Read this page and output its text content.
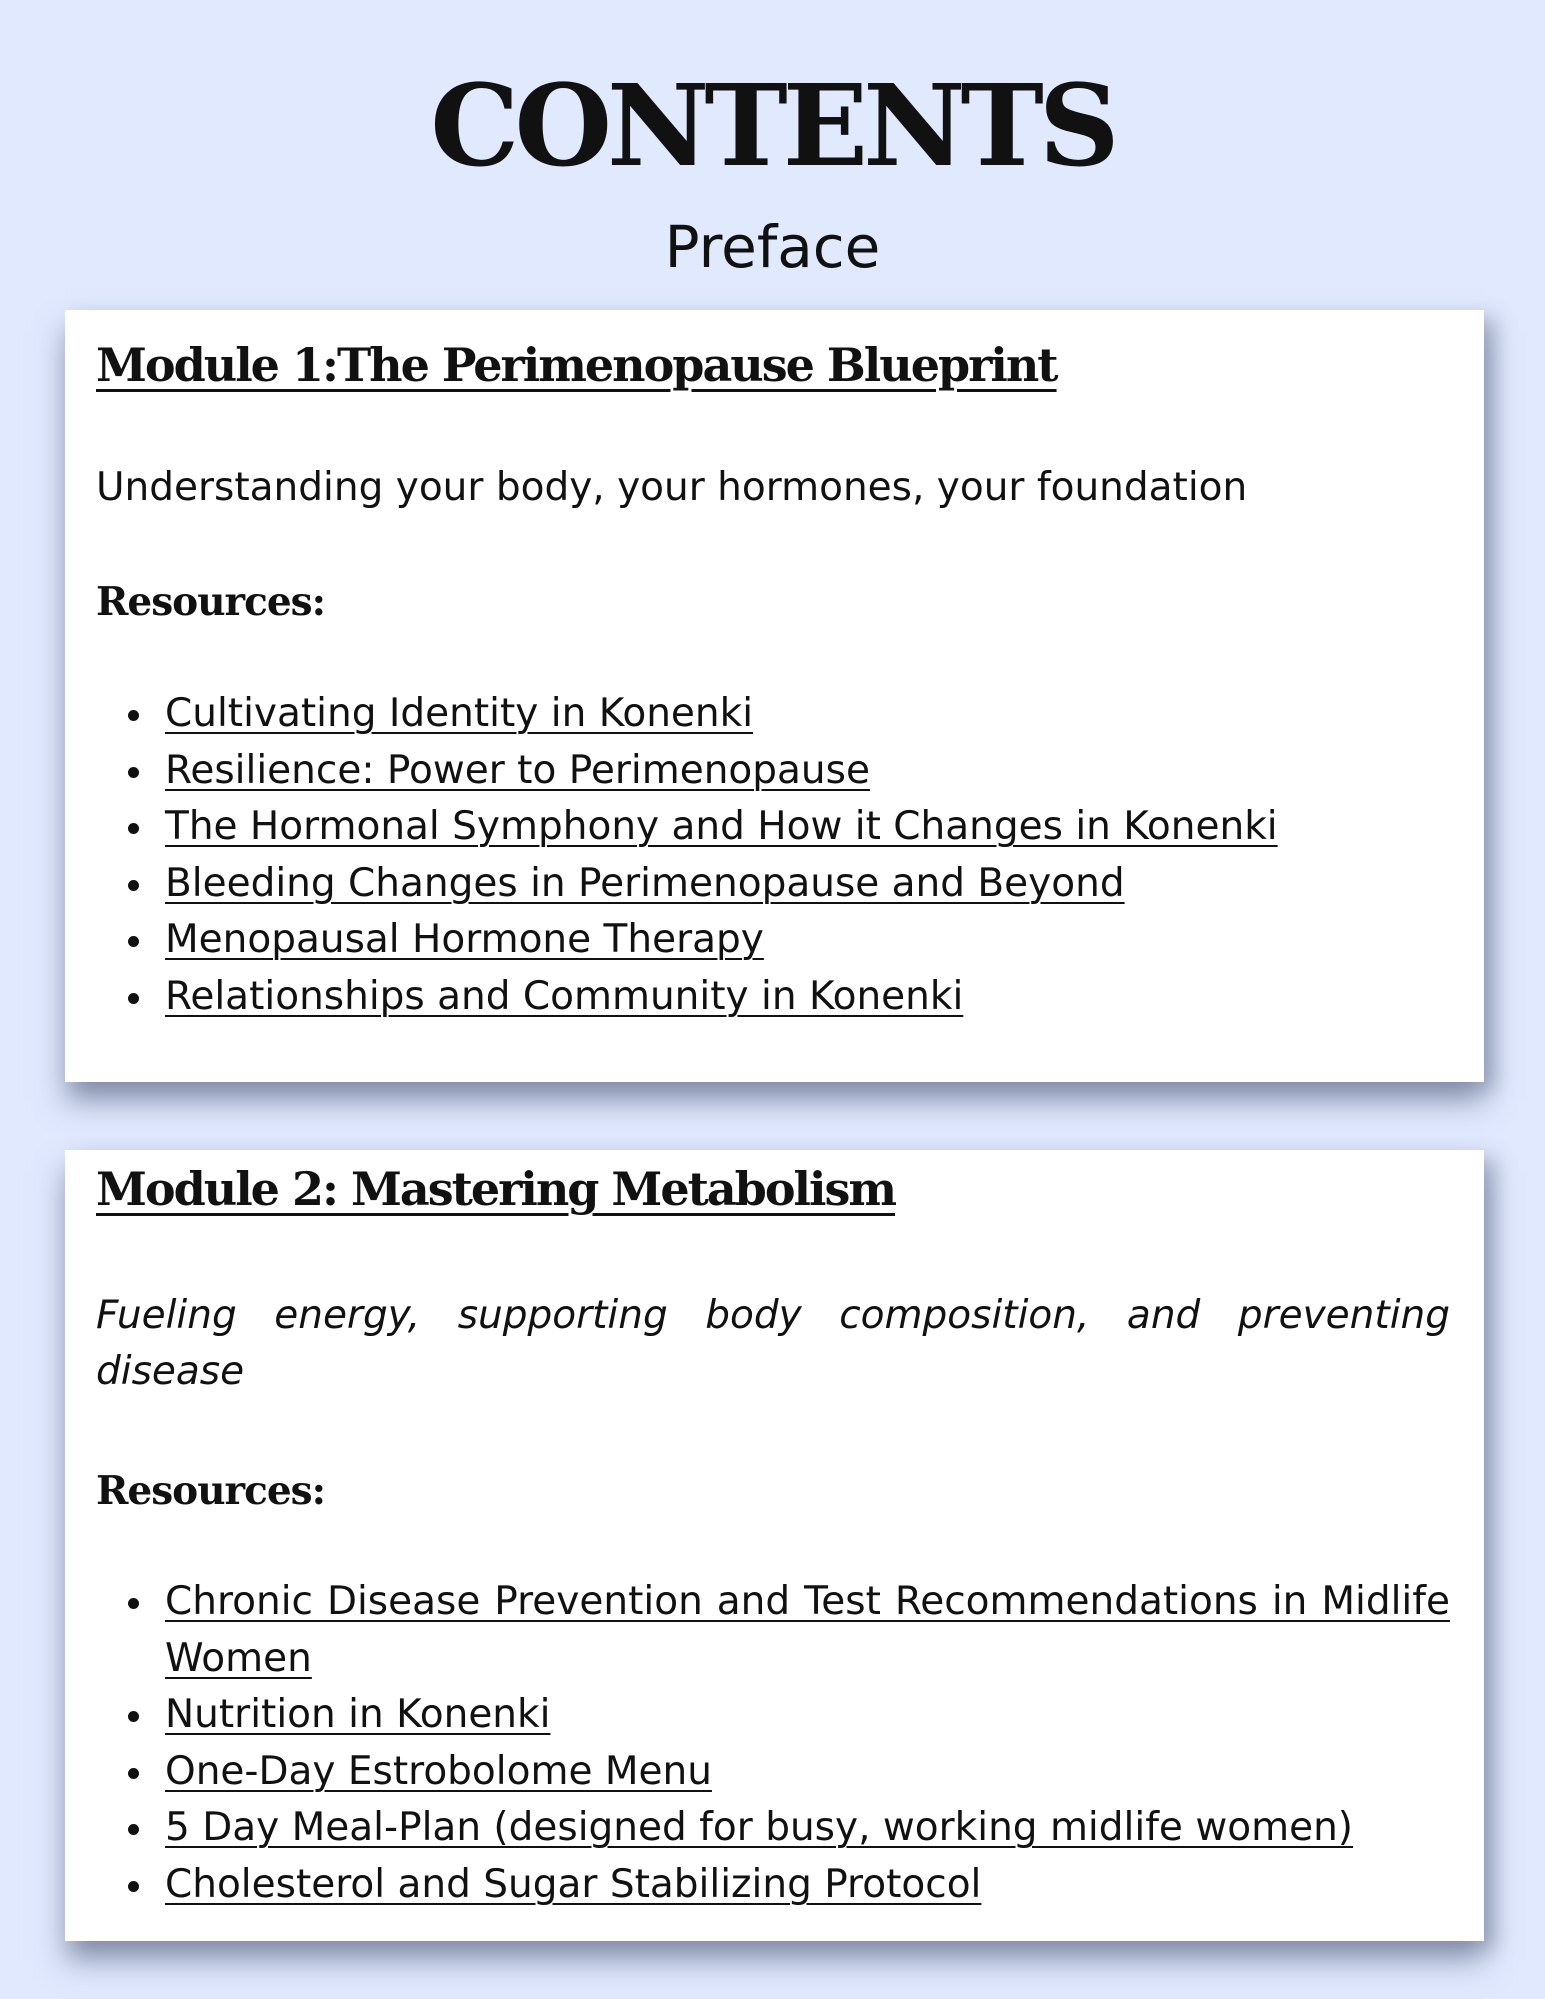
CONTENTS
Preface
Module 1:The Perimenopause Blueprint

Understanding your body, your hormones, your foundation

Resources:

Cultivating Identity in Konenki
Resilience: Power to Perimenopause
The Hormonal Symphony and How it Changes in Konenki
Bleeding Changes in Perimenopause and Beyond
Menopausal Hormone Therapy
Relationships and Community in Konenki
Module 2: Mastering Metabolism

Fueling energy, supporting body composition, and preventing disease

Resources:

Chronic Disease Prevention and Test Recommendations in Midlife Women
Nutrition in Konenki
One-Day Estrobolome Menu
5 Day Meal-Plan (designed for busy, working midlife women)
Cholesterol and Sugar Stabilizing Protocol
